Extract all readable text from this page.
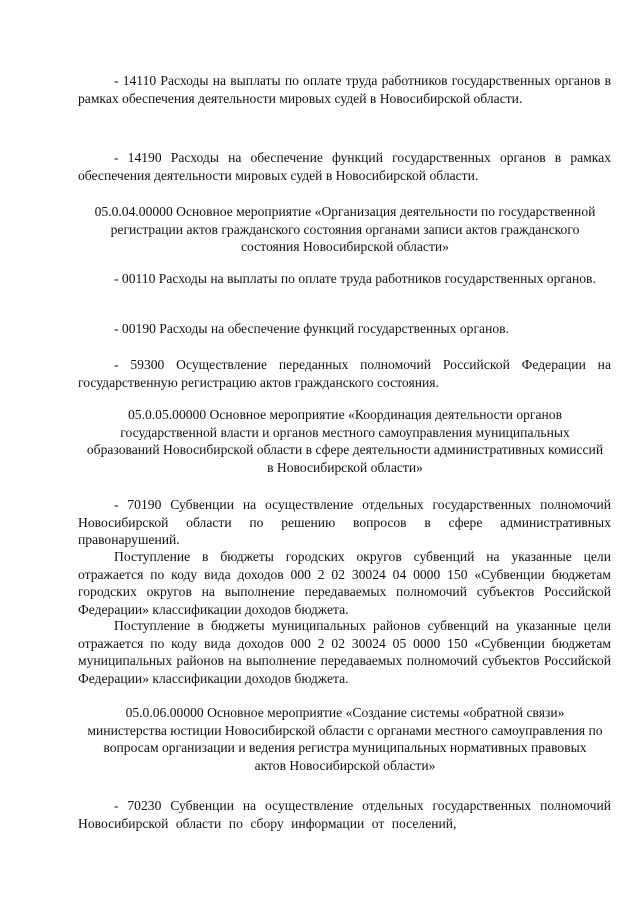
- 14110 Расходы на выплаты по оплате труда работников государственных органов в рамках обеспечения деятельности мировых судей в Новосибирской области.

- 14190 Расходы на обеспечение функций государственных органов в рамках обеспечения деятельности мировых судей в Новосибирской области.

05.0.04.00000 Основное мероприятие «Организация деятельности по государственной регистрации актов гражданского состояния органами записи актов гражданского состояния Новосибирской области»

- 00110 Расходы на выплаты по оплате труда работников государственных органов.

- 00190 Расходы на обеспечение функций государственных органов.

- 59300 Осуществление переданных полномочий Российской Федерации на государственную регистрацию актов гражданского состояния.

05.0.05.00000 Основное мероприятие «Координация деятельности органов государственной власти и органов местного самоуправления муниципальных образований Новосибирской области в сфере деятельности административных комиссий в Новосибирской области»

- 70190 Субвенции на осуществление отдельных государственных полномочий Новосибирской области по решению вопросов в сфере административных правонарушений.

Поступление в бюджеты городских округов субвенций на указанные цели отражается по коду вида доходов 000 2 02 30024 04 0000 150 «Субвенции бюджетам городских округов на выполнение передаваемых полномочий субъектов Российской Федерации» классификации доходов бюджета.

Поступление в бюджеты муниципальных районов субвенций на указанные цели отражается по коду вида доходов 000 2 02 30024 05 0000 150 «Субвенции бюджетам муниципальных районов на выполнение передаваемых полномочий субъектов Российской Федерации» классификации доходов бюджета.

05.0.06.00000 Основное мероприятие «Создание системы «обратной связи» министерства юстиции Новосибирской области с органами местного самоуправления по вопросам организации и ведения регистра муниципальных нормативных правовых актов Новосибирской области»

- 70230 Субвенции на осуществление отдельных государственных полномочий Новосибирской области по сбору информации от поселений,
